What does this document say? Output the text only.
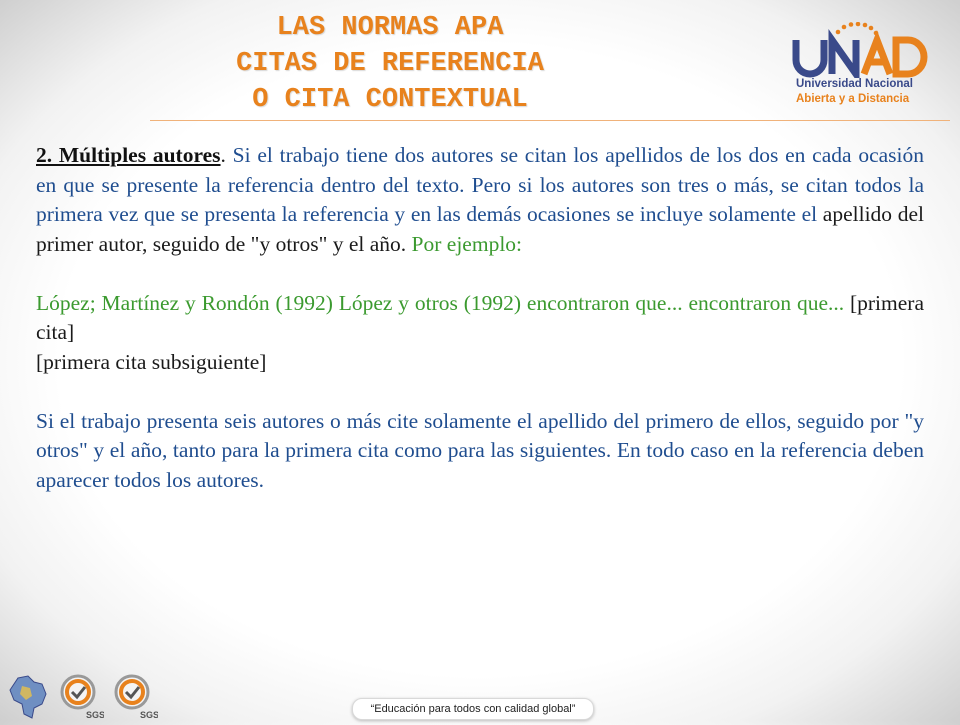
LAS NORMAS APA
CITAS DE REFERENCIA
O CITA CONTEXTUAL
Universidad Nacional
Abierta y a Distancia

2. Múltiples autores. Si el trabajo tiene dos autores se citan los apellidos de los dos en cada ocasión en que se presente la referencia dentro del texto. Pero si los autores son tres o más, se citan todos la primera vez que se presenta la referencia y en las demás ocasiones se incluye solamente el apellido del primer autor, seguido de "y otros" y el año. Por ejemplo:

López; Martínez y Rondón (1992) López y otros (1992) encontraron que... encontraron que... [primera cita]

[primera cita subsiguiente]

Si el trabajo presenta seis autores o más cite solamente el apellido del primero de ellos, seguido por "y otros" y el año, tanto para la primera cita como para las siguientes. En todo caso en la referencia deben aparecer todos los autores.

SGS	SGS	“Educación para todos con calidad global”
